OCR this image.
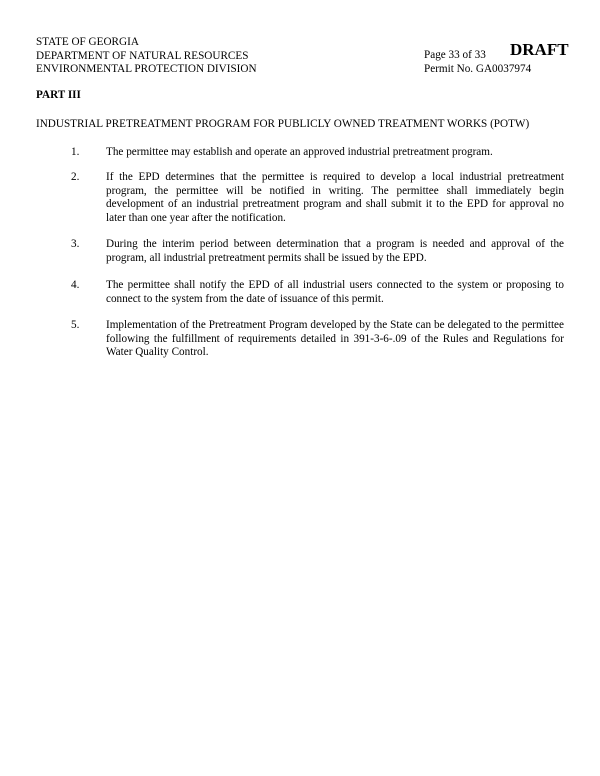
STATE OF GEORGIA
DEPARTMENT OF NATURAL RESOURCES
ENVIRONMENTAL PROTECTION DIVISION
Page 33 of 33
Permit No. GA0037974
DRAFT
PART III
INDUSTRIAL PRETREATMENT PROGRAM FOR PUBLICLY OWNED TREATMENT WORKS (POTW)
1.	The permittee may establish and operate an approved industrial pretreatment program.
2.	If the EPD determines that the permittee is required to develop a local industrial pretreatment program, the permittee will be notified in writing. The permittee shall immediately begin development of an industrial pretreatment program and shall submit it to the EPD for approval no later than one year after the notification.
3.	During the interim period between determination that a program is needed and approval of the program, all industrial pretreatment permits shall be issued by the EPD.
4.	The permittee shall notify the EPD of all industrial users connected to the system or proposing to connect to the system from the date of issuance of this permit.
5.	Implementation of the Pretreatment Program developed by the State can be delegated to the permittee following the fulfillment of requirements detailed in 391-3-6-.09 of the Rules and Regulations for Water Quality Control.
